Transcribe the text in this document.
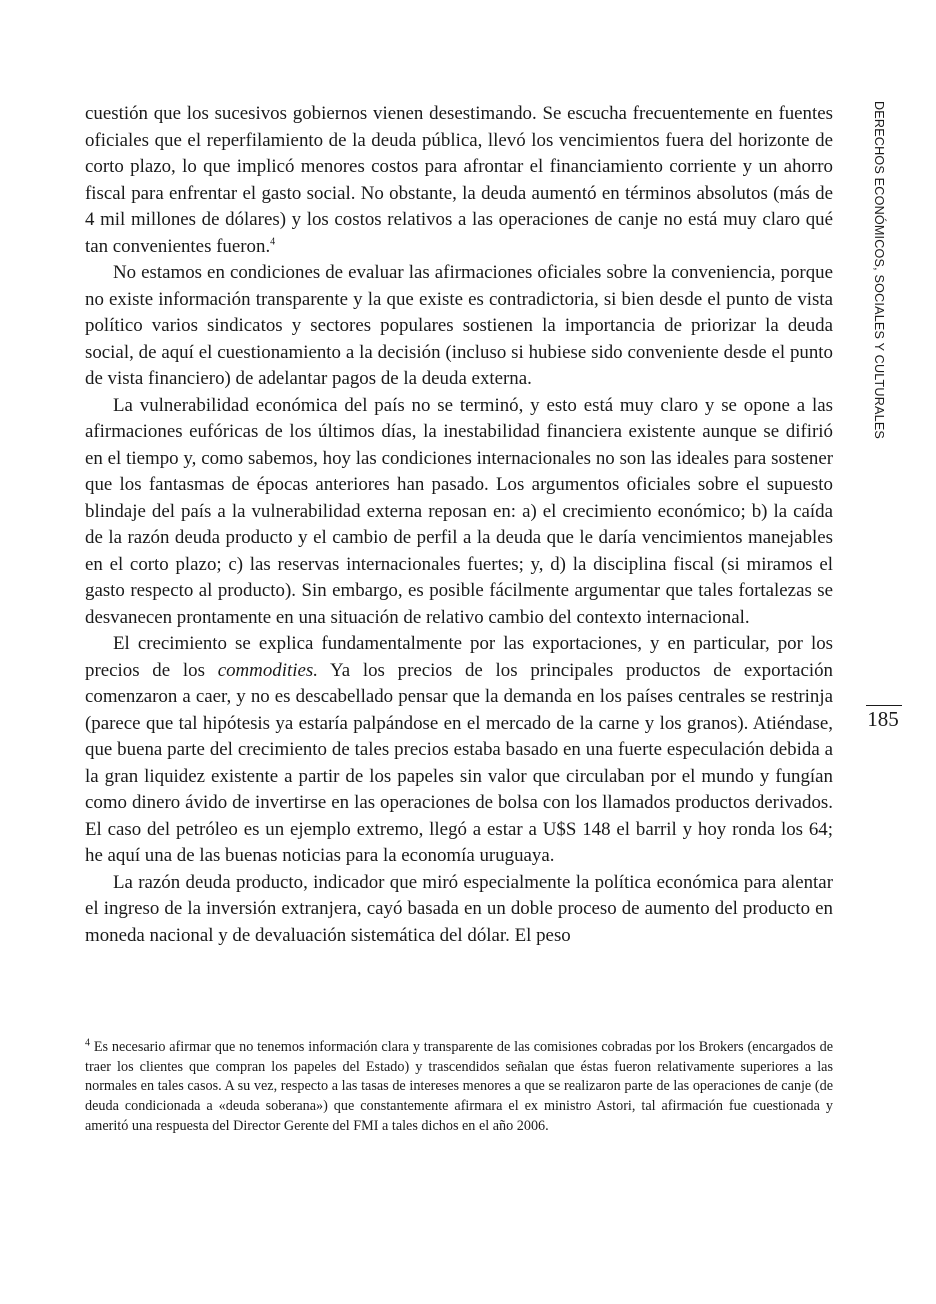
cuestión que los sucesivos gobiernos vienen desestimando. Se escucha frecuentemente en fuentes oficiales que el reperfilamiento de la deuda pública, llevó los vencimientos fuera del horizonte de corto plazo, lo que implicó menores costos para afrontar el financiamiento corriente y un ahorro fiscal para enfrentar el gasto social. No obstante, la deuda aumentó en términos absolutos (más de 4 mil millones de dólares) y los costos relativos a las operaciones de canje no está muy claro qué tan convenientes fueron.$^4$

No estamos en condiciones de evaluar las afirmaciones oficiales sobre la conveniencia, porque no existe información transparente y la que existe es contradictoria, si bien desde el punto de vista político varios sindicatos y sectores populares sostienen la importancia de priorizar la deuda social, de aquí el cuestionamiento a la decisión (incluso si hubiese sido conveniente desde el punto de vista financiero) de adelantar pagos de la deuda externa.

La vulnerabilidad económica del país no se terminó, y esto está muy claro y se opone a las afirmaciones eufóricas de los últimos días, la inestabilidad financiera existente aunque se difirió en el tiempo y, como sabemos, hoy las condiciones internacionales no son las ideales para sostener que los fantasmas de épocas anteriores han pasado. Los argumentos oficiales sobre el supuesto blindaje del país a la vulnerabilidad externa reposan en: a) el crecimiento económico; b) la caída de la razón deuda producto y el cambio de perfil a la deuda que le daría vencimientos manejables en el corto plazo; c) las reservas internacionales fuertes; y, d) la disciplina fiscal (si miramos el gasto respecto al producto). Sin embargo, es posible fácilmente argumentar que tales fortalezas se desvanecen prontamente en una situación de relativo cambio del contexto internacional.

El crecimiento se explica fundamentalmente por las exportaciones, y en particular, por los precios de los commodities. Ya los precios de los principales productos de exportación comenzaron a caer, y no es descabellado pensar que la demanda en los países centrales se restrinja (parece que tal hipótesis ya estaría palpándose en el mercado de la carne y los granos). Atiéndase, que buena parte del crecimiento de tales precios estaba basado en una fuerte especulación debida a la gran liquidez existente a partir de los papeles sin valor que circulaban por el mundo y fungían como dinero ávido de invertirse en las operaciones de bolsa con los llamados productos derivados. El caso del petróleo es un ejemplo extremo, llegó a estar a U$S 148 el barril y hoy ronda los 64; he aquí una de las buenas noticias para la economía uruguaya.

La razón deuda producto, indicador que miró especialmente la política económica para alentar el ingreso de la inversión extranjera, cayó basada en un doble proceso de aumento del producto en moneda nacional y de devaluación sistemática del dólar. El peso

$^4$ Es necesario afirmar que no tenemos información clara y transparente de las comisiones cobradas por los Brokers (encargados de traer los clientes que compran los papeles del Estado) y trascendidos señalan que éstas fueron relativamente superiores a las normales en tales casos. A su vez, respecto a las tasas de intereses menores a que se realizaron parte de las operaciones de canje (de deuda condicionada a «deuda soberana») que constantemente afirmara el ex ministro Astori, tal afirmación fue cuestionada y ameritó una respuesta del Director Gerente del FMI a tales dichos en el año 2006.

DERECHOS ECONÓMICOS, SOCIALES Y CULTURALES
185
